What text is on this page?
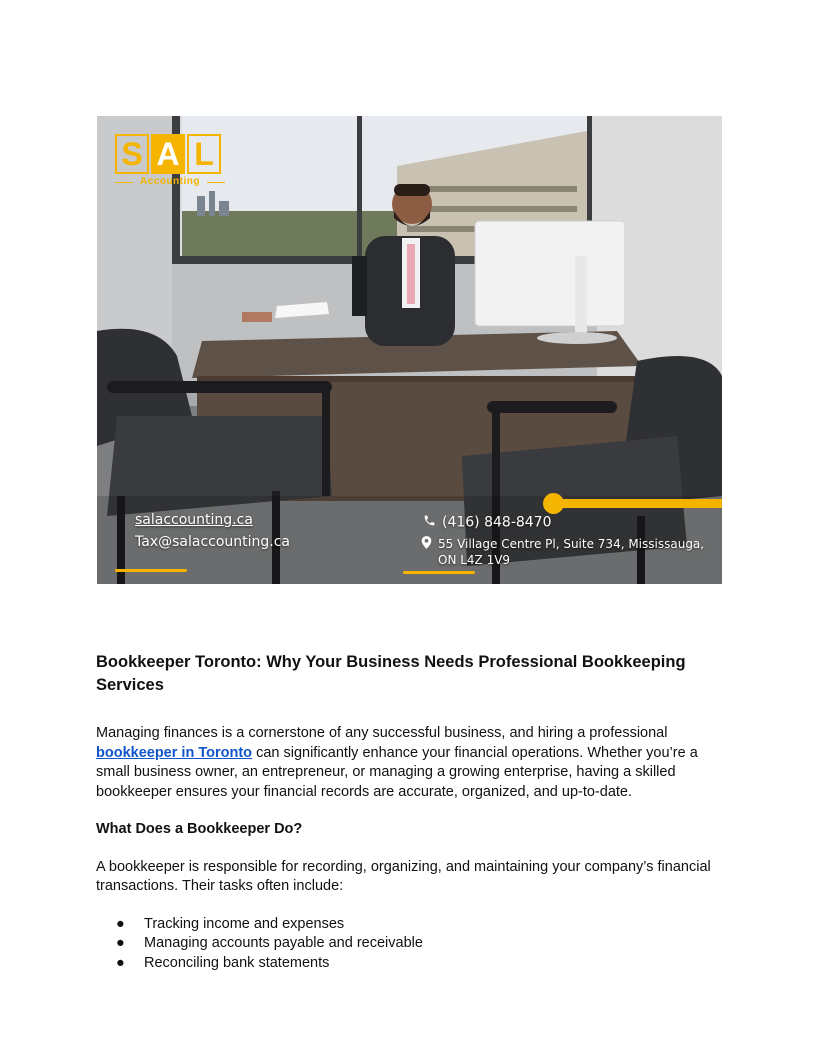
S A L
Accounting
salaccounting.ca
Tax@salaccounting.ca
(416) 848-8470
55 Village Centre Pl, Suite 734, Mississauga,
ON L4Z 1V9
Bookkeeper Toronto: Why Your Business Needs Professional Bookkeeping Services

Managing finances is a cornerstone of any successful business, and hiring a professional
bookkeeper in Toronto can significantly enhance your financial operations. Whether you’re a small business owner, an entrepreneur, or managing a growing enterprise, having a skilled bookkeeper ensures your financial records are accurate, organized, and up-to-date.

What Does a Bookkeeper Do?

A bookkeeper is responsible for recording, organizing, and maintaining your company’s financial transactions. Their tasks often include:

● Tracking income and expenses
● Managing accounts payable and receivable
● Reconciling bank statements
